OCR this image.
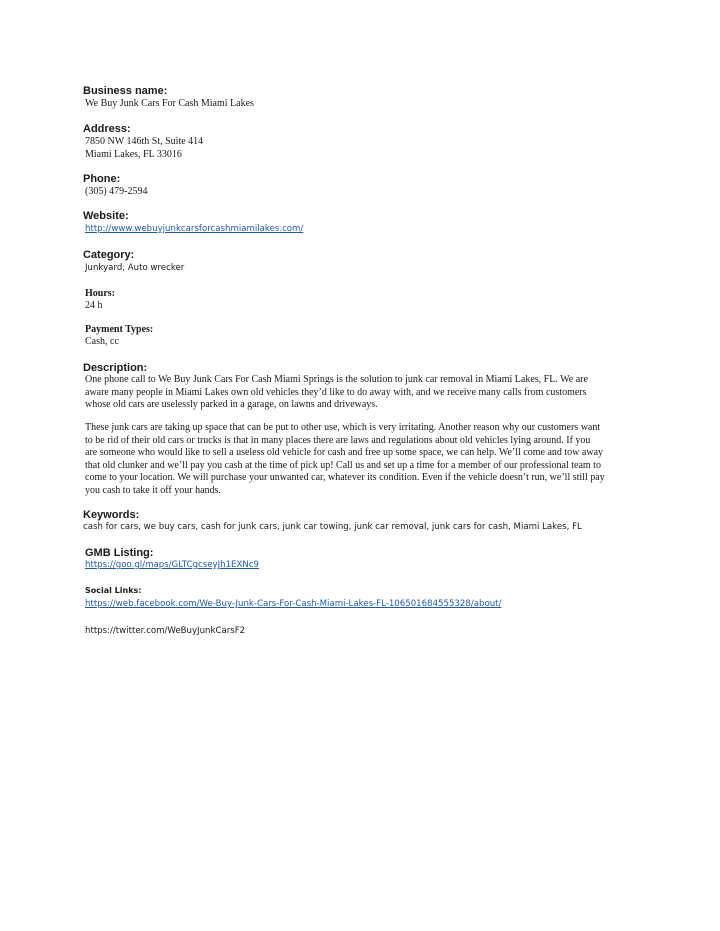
Business name:
We Buy Junk Cars For Cash Miami Lakes
Address:
7850 NW 146th St, Suite 414
Miami Lakes, FL 33016
Phone:
(305) 479-2594
Website:
http://www.webuyjunkcarsforcashmiamilakes.com/
Category:
Junkyard, Auto wrecker
Hours:
24 h
Payment Types:
Cash, cc
Description:
One phone call to We Buy Junk Cars For Cash Miami Springs is the solution to junk car removal in Miami Lakes, FL. We are
aware many people in Miami Lakes own old vehicles they’d like to do away with, and we receive many calls from customers
whose old cars are uselessly parked in a garage, on lawns and driveways.
These junk cars are taking up space that can be put to other use, which is very irritating. Another reason why our customers want
to be rid of their old cars or trucks is that in many places there are laws and regulations about old vehicles lying around. If you
are someone who would like to sell a useless old vehicle for cash and free up some space, we can help. We’ll come and tow away
that old clunker and we’ll pay you cash at the time of pick up! Call us and set up a time for a member of our professional team to
come to your location. We will purchase your unwanted car, whatever its condition. Even if the vehicle doesn’t run, we’ll still pay
you cash to take it off your hands.
Keywords:
cash for cars, we buy cars, cash for junk cars, junk car towing, junk car removal, junk cars for cash, Miami Lakes, FL
GMB Listing:
https://goo.gl/maps/GLTCgcseyJh1EXNc9
Social Links:
https://web.facebook.com/We-Buy-Junk-Cars-For-Cash-Miami-Lakes-FL-106501684555328/about/
https://twitter.com/WeBuyJunkCarsF2
